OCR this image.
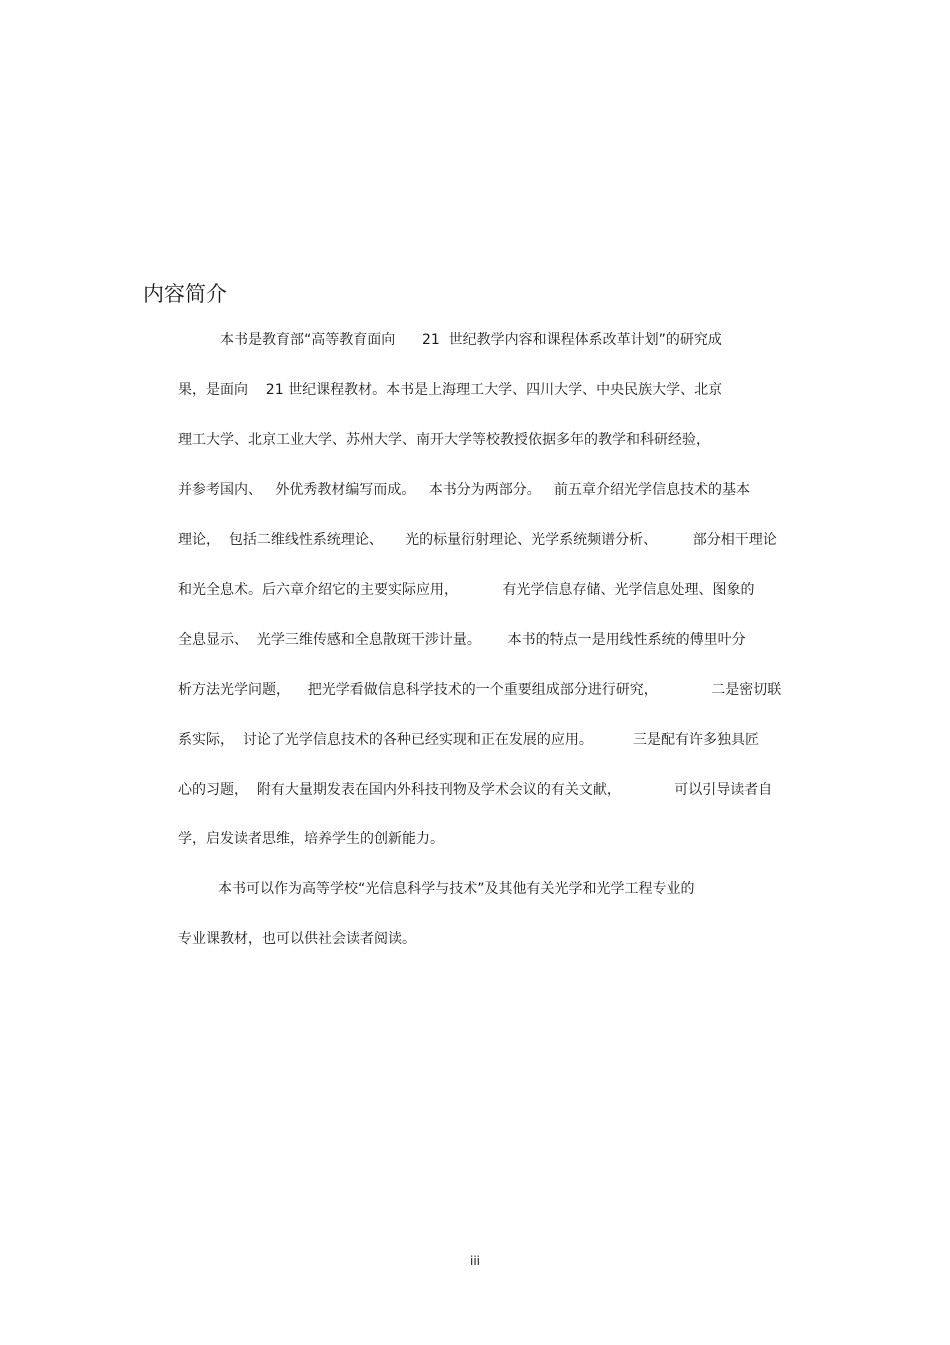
内容简介
本书是教育部“高等教育面向      21  世纪教学内容和课程体系改革计划”的研究成
果，是面向    21 世纪课程教材。本书是上海理工大学、四川大学、中央民族大学、北京
理工大学、北京工业大学、苏州大学、南开大学等校教授依据多年的教学和科研经验，
并参考国内、   外优秀教材编写而成。   本书分为两部分。   前五章介绍光学信息技术的基本
理论，  包括二维线性系统理论、     光的标量衍射理论、光学系统频谱分析、        部分相干理论
和光全息术。后六章介绍它的主要实际应用，          有光学信息存储、光学信息处理、图象的
全息显示、  光学三维传感和全息散斑干涉计量。      本书的特点一是用线性系统的傅里叶分
析方法光学问题，    把光学看做信息科学技术的一个重要组成部分进行研究，            二是密切联
系实际，  讨论了光学信息技术的各种已经实现和正在发展的应用。         三是配有许多独具匠
心的习题，  附有大量期发表在国内外科技刊物及学术会议的有关文献，            可以引导读者自
学，启发读者思维，培养学生的创新能力。
本书可以作为高等学校“光信息科学与技术”及其他有关光学和光学工程专业的
专业课教材，也可以供社会读者阅读。
iii
